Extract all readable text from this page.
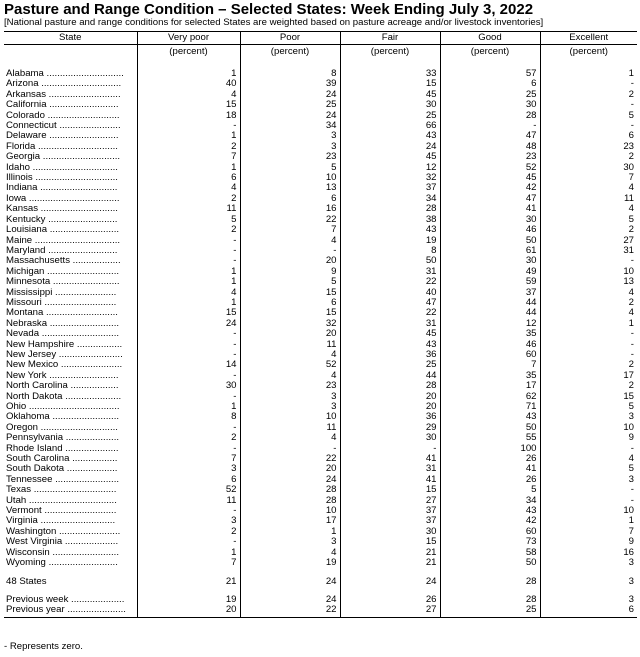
Pasture and Range Condition – Selected States: Week Ending July 3, 2022
[National pasture and range conditions for selected States are weighted based on pasture acreage and/or livestock inventories]
State	Very poor	Poor	Fair	Good	Excellent
	(percent)	(percent)	(percent)	(percent)	(percent)

Alabama .............................	1	8	33	57	1
Arizona ..............................	40	39	15	6	-
Arkansas ...........................	4	24	45	25	2
California ..........................	15	25	30	30	-
Colorado ...........................	18	24	25	28	5
Connecticut .......................	-	34	66	-	-
Delaware ..........................	1	3	43	47	6
Florida ..............................	2	3	24	48	23
Georgia .............................	7	23	45	23	2
Idaho ................................	1	5	12	52	30
Illinois ...............................	6	10	32	45	7
Indiana .............................	4	13	37	42	4
Iowa ..................................	2	6	34	47	11
Kansas .............................	11	16	28	41	4
Kentucky ..........................	5	22	38	30	5
Louisiana ..........................	2	7	43	46	2
Maine ................................	-	4	19	50	27
Maryland ..........................	-	-	8	61	31
Massachusetts ..................	-	20	50	30	-
Michigan ...........................	1	9	31	49	10
Minnesota .........................	1	5	22	59	13
Mississippi .......................	4	15	40	37	4
Missouri ...........................	1	6	47	44	2
Montana ...........................	15	15	22	44	4
Nebraska ..........................	24	32	31	12	1
Nevada .............................	-	20	45	35	-
New Hampshire .................	-	11	43	46	-
New Jersey ........................	-	4	36	60	-
New Mexico .......................	14	52	25	7	2
New York ..........................	-	4	44	35	17
North Carolina ..................	30	23	28	17	2
North Dakota .....................	-	3	20	62	15
Ohio ..................................	1	3	20	71	5
Oklahoma .........................	8	10	36	43	3
Oregon .............................	-	11	29	50	10
Pennsylvania ....................	2	4	30	55	9
Rhode Island ....................	-	-	-	100	-
South Carolina .................	7	22	41	26	4
South Dakota ...................	3	20	31	41	5
Tennessee ........................	6	24	41	26	3
Texas ...............................	52	28	15	5	-
Utah .................................	11	28	27	34	-
Vermont ...........................	-	10	37	43	10
Virginia ............................	3	17	37	42	1
Washington .......................	2	1	30	60	7
West Virginia ....................	-	3	15	73	9
Wisconsin .........................	1	4	21	58	16
Wyoming ..........................	7	19	21	50	3

48 States	21	24	24	28	3

Previous week ....................	19	24	26	28	3
Previous year ......................	20	22	27	25	6
- Represents zero.
